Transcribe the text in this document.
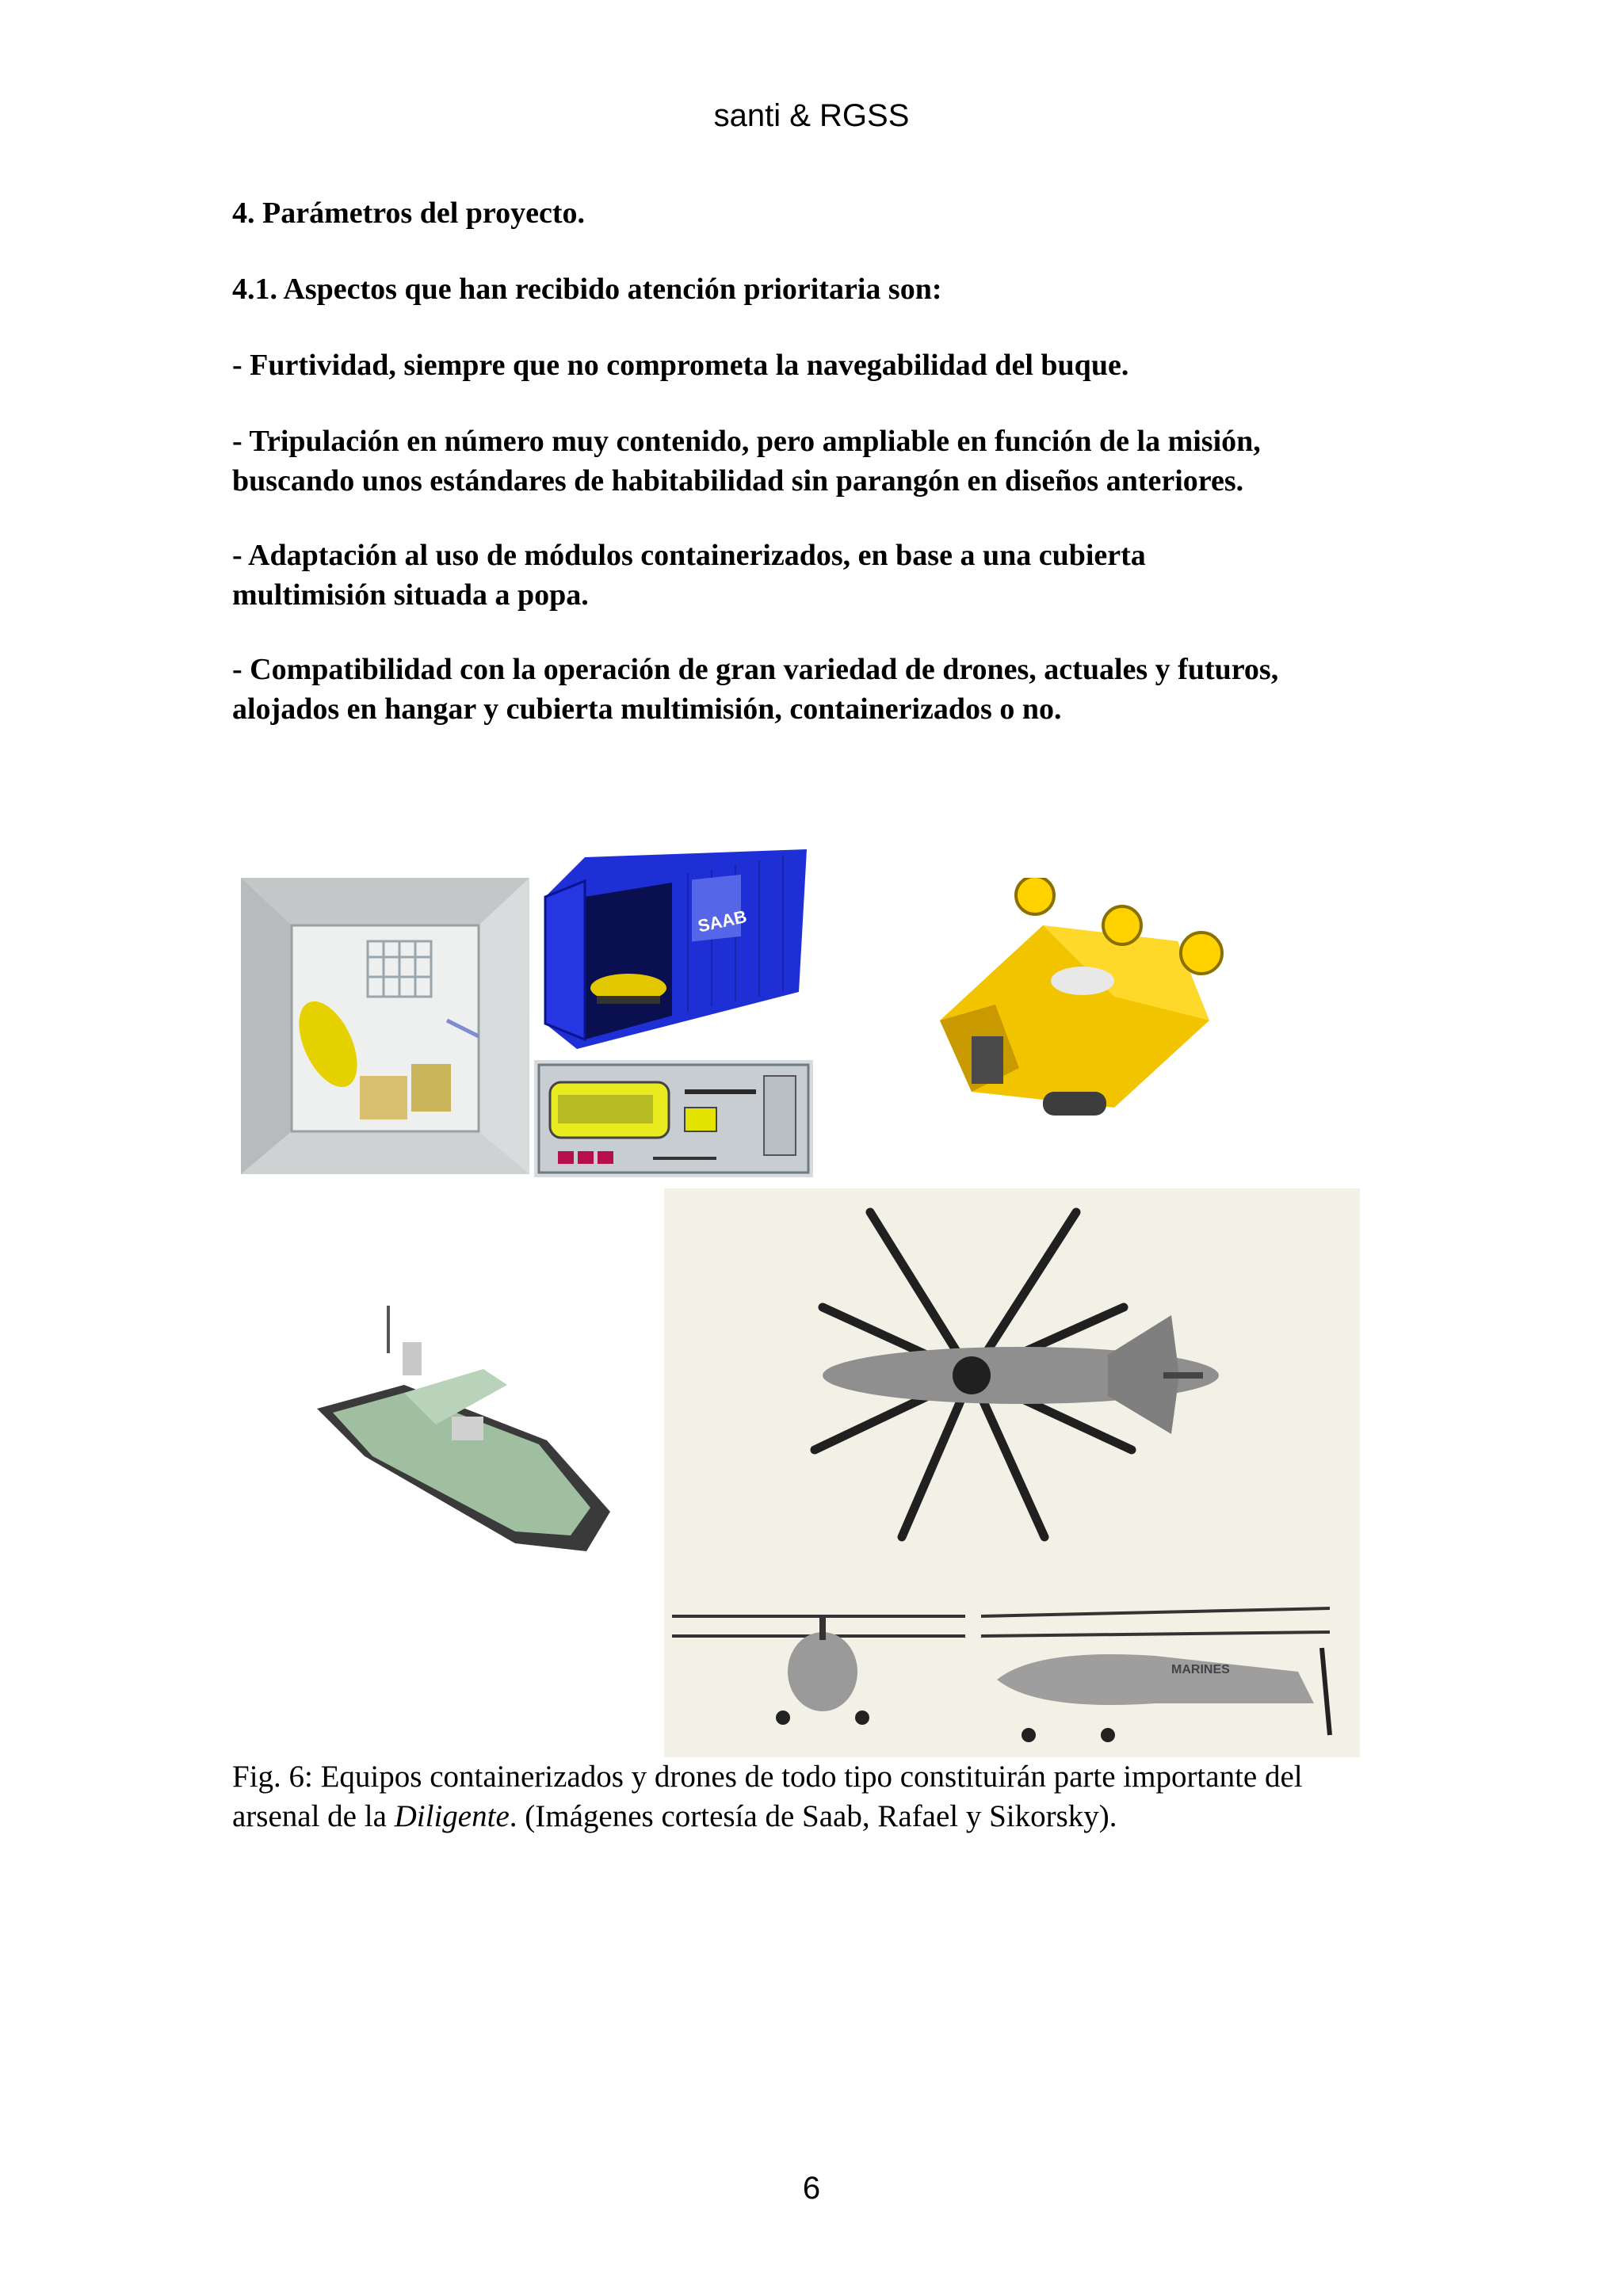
santi & RGSS
4. Parámetros del proyecto.
4.1. Aspectos que han recibido atención prioritaria son:
- Furtividad, siempre que no comprometa la navegabilidad del buque.
- Tripulación en número muy contenido, pero ampliable en función de la misión,
buscando unos estándares de habitabilidad sin parangón en diseños anteriores.
- Adaptación al uso de módulos containerizados, en base a una cubierta
multimisión situada a popa.
- Compatibilidad con la operación de gran variedad de drones, actuales y futuros,
alojados en hangar y cubierta multimisión, containerizados o no.
SAAB
MARINES
Fig. 6: Equipos containerizados y drones de todo tipo constituirán parte importante del
arsenal de la Diligente. (Imágenes cortesía de Saab, Rafael y Sikorsky).
6
